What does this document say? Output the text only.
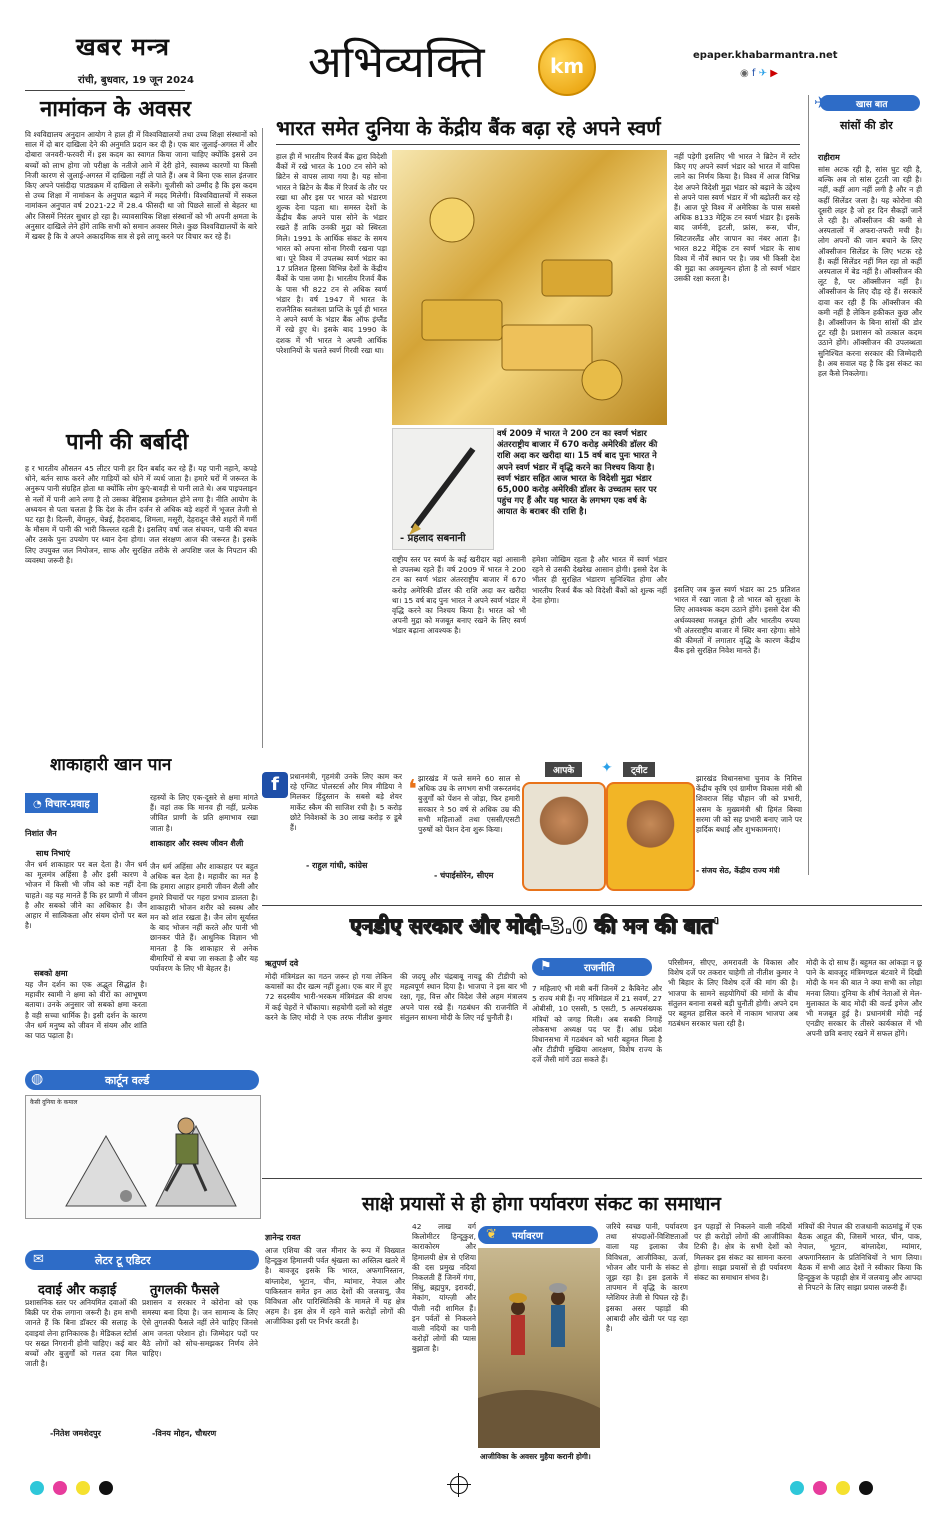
खबर मन्त्र
रांची, बुधवार, 19 जून 2024	अभिव्यक्ति	km	epaper.khabarmantra.net
◉ f ✈ ▶
नामांकन के अवसर
वि श्वविद्यालय अनुदान आयोग ने हाल ही में विश्वविद्यालयों तथा उच्च शिक्षा संस्थानों को साल में दो बार दाखिला देने की अनुमति प्रदान कर दी है। एक बार जुलाई-अगस्त में और दोबारा जनवरी-फरवरी में। इस कदम का स्वागत किया जाना चाहिए क्योंकि इससे उन बच्चों को लाभ होगा जो परीक्षा के नतीजे आने में देरी होने, स्वास्थ्य कारणों या किसी निजी कारण से जुलाई-अगस्त में दाखिला नहीं ले पाते हैं। अब वे बिना एक साल इंतजार किए अपने पसंदीदा पाठ्यक्रम में दाखिला ले सकेंगे। यूजीसी को उम्मीद है कि इस कदम से उच्च शिक्षा में नामांकन के अनुपात बढ़ाने में मदद मिलेगी। विश्वविद्यालयों में सकल नामांकन अनुपात वर्ष 2021-22 में 28.4 फीसदी था जो पिछले सालों से बेहतर था और जिसमें निरंतर सुधार हो रहा है। व्यावसायिक शिक्षा संस्थानों को भी अपनी क्षमता के अनुसार दाखिले लेने होंगे ताकि सभी को समान अवसर मिले। कुछ विश्वविद्यालयों के बारे में खबर है कि वे अपने अकादमिक सत्र से इसे लागू करने पर विचार कर रहे हैं।
पानी की बर्बादी
ह र भारतीय औसतन 45 लीटर पानी हर दिन बर्बाद कर रहे हैं। यह पानी नहाने, कपड़े धोने, बर्तन साफ करने और गाड़ियों को धोने में व्यर्थ जाता है। हमारे घरों में जरूरत के अनुरूप पानी संग्रहित होता था क्योंकि लोग कुएं-बावड़ी से पानी लाते थे। अब पाइपलाइन से नलों में पानी आने लगा है तो उसका बेहिसाब इस्तेमाल होने लगा है। नीति आयोग के अध्ययन से पता चलता है कि देश के तीन दर्जन से अधिक बड़े शहरों में भूजल तेजी से घट रहा है। दिल्ली, बेंगलुरु, चेन्नई, हैदराबाद, शिमला, मसूरी, देहरादून जैसे शहरों में गर्मी के मौसम में पानी की भारी किल्लत रहती है। इसलिए वर्षा जल संचयन, पानी की बचत और उसके पुनः उपयोग पर ध्यान देना होगा। जल संरक्षण आज की जरूरत है। इसके लिए उपयुक्त जल नियोजन, साफ और सुरक्षित तरीके से अपशिष्ट जल के निपटान की व्यवस्था जरूरी है।
शाकाहारी खान पान
◔ विचार-प्रवाह
निशांत जैन
साथ निभाएं
जैन धर्म शाकाहार पर बल देता है। जैन धर्म का मूलमंत्र अहिंसा है और इसी कारण वे भोजन में किसी भी जीव को कष्ट नहीं देना चाहते। वह यह मानते हैं कि हर प्राणी में जीवन है और सबको जीने का अधिकार है। जैन आहार में सात्विकता और संयम दोनों पर बल है।
सबको क्षमा
यह जैन दर्शन का एक अद्भुत सिद्धांत है। महावीर स्वामी ने क्षमा को वीरों का आभूषण बताया। उनके अनुसार जो सबको क्षमा करता है वही सच्चा धार्मिक है। इसी दर्शन के कारण जैन धर्म मनुष्य को जीवन में संयम और शांति का पाठ पढ़ाता है।
रहस्यों के लिए एक-दूसरे से क्षमा मांगते हैं। वहां तक कि मानव ही नहीं, प्रत्येक जीवित प्राणी के प्रति क्षमाभाव रखा जाता है।
शाकाहार और स्वस्थ जीवन शैली
जैन धर्म अहिंसा और शाकाहार पर बहुत अधिक बल देता है। महावीर का मत है कि हमारा आहार हमारी जीवन शैली और हमारे विचारों पर गहरा प्रभाव डालता है। शाकाहारी भोजन शरीर को स्वस्थ और मन को शांत रखता है। जैन लोग सूर्यास्त के बाद भोजन नहीं करते और पानी भी छानकर पीते हैं। आधुनिक विज्ञान भी मानता है कि शाकाहार से अनेक बीमारियों से बचा जा सकता है और यह पर्यावरण के लिए भी बेहतर है।
◍	कार्टून वर्ल्ड
कैसी दुनिया के कमाल
✉	लेटर टू एडिटर
दवाई और कड़ाई
प्रशासनिक स्तर पर अनियमित दवाओं की बिक्री पर रोक लगाना जरूरी है। हम सभी जानते हैं कि बिना डॉक्टर की सलाह के दवाइयां लेना हानिकारक है। मेडिकल स्टोर्स पर सख्त निगरानी होनी चाहिए। कई बार बच्चों और बुजुर्गों को गलत दवा मिल जाती है।
-नितेश जमशेदपुर
तुगलकी फैसले
प्रशासन व सरकार ने कोरोना को एक समस्या बना दिया है। जन सामान्य के लिए ऐसे तुगलकी फैसले नहीं लेने चाहिए जिनसे आम जनता परेशान हो। जिम्मेदार पदों पर बैठे लोगों को सोच-समझकर निर्णय लेने चाहिए।
-विनय मोहन, चौधरण
भारत समेत दुनिया के केंद्रीय बैंक बढ़ा रहे अपने स्वर्ण
हाल ही में भारतीय रिजर्व बैंक द्वारा विदेशी बैंकों में रखे भारत के 100 टन सोने को ब्रिटेन से वापस लाया गया है। यह सोना भारत ने ब्रिटेन के बैंक में रिजर्व के तौर पर रखा था और इस पर भारत को भंडारण शुल्क देना पड़ता था। समस्त देशों के केंद्रीय बैंक अपने पास सोने के भंडार रखते हैं ताकि उनकी मुद्रा को स्थिरता मिले। 1991 के आर्थिक संकट के समय भारत को अपना सोना गिरवी रखना पड़ा था। पूरे विश्व में उपलब्ध स्वर्ण भंडार का 17 प्रतिशत हिस्सा विभिन्न देशों के केंद्रीय बैंकों के पास जमा है। भारतीय रिजर्व बैंक के पास भी 822 टन से अधिक स्वर्ण भंडार है। वर्ष 1947 में भारत के राजनैतिक स्वतंत्रता प्राप्ति के पूर्व ही भारत ने अपने स्वर्ण के भंडार बैंक ऑफ इंग्लैंड में रखे हुए थे। इसके बाद 1990 के दशक में भी भारत ने अपनी आर्थिक परेशानियों के चलते स्वर्ण गिरवी रखा था।
- प्रहलाद सबनानी
वर्ष 2009 में भारत ने 200 टन का स्वर्ण भंडार अंतरराष्ट्रीय बाजार में 670 करोड़ अमेरिकी डॉलर की राशि अदा कर खरीदा था। 15 वर्ष बाद पुनः भारत ने अपने स्वर्ण भंडार में वृद्धि करने का निश्चय किया है। स्वर्ण भंडार सहित आज भारत के विदेशी मुद्रा भंडार 65,000 करोड़ अमेरिकी डॉलर के उच्चतम स्तर पर पहुंच गए हैं और यह भारत के लगभग एक वर्ष के आयात के बराबर की राशि है।
राष्ट्रीय स्तर पर स्वर्ण के कई खरीदार यहां आसानी से उपलब्ध रहते हैं। वर्ष 2009 में भारत ने 200 टन का स्वर्ण भंडार अंतरराष्ट्रीय बाजार में 670 करोड़ अमेरिकी डॉलर की राशि अदा कर खरीदा था। 15 वर्ष बाद पुनः भारत ने अपने स्वर्ण भंडार में वृद्धि करने का निश्चय किया है। भारत को भी अपनी मुद्रा को मजबूत बनाए रखने के लिए स्वर्ण भंडार बढ़ाना आवश्यक है।
हमेशा जोखिम रहता है और भारत में स्वर्ण भंडार रहने से उसकी देखरेख आसान होगी। इससे देश के भीतर ही सुरक्षित भंडारण सुनिश्चित होगा और भारतीय रिजर्व बैंक को विदेशी बैंकों को शुल्क नहीं देना होगा।
नहीं पड़ेगी इसलिए भी भारत ने ब्रिटेन में स्टोर किए गए अपने स्वर्ण भंडार को भारत में वापिस लाने का निर्णय किया है। विश्व में आज विभिन्न देश अपने विदेशी मुद्रा भंडार को बढ़ाने के उद्देश्य से अपने पास स्वर्ण भंडार में भी बढ़ोतरी कर रहे हैं। आज पूरे विश्व में अमेरिका के पास सबसे अधिक 8133 मेट्रिक टन स्वर्ण भंडार है। इसके बाद जर्मनी, इटली, फ्रांस, रूस, चीन, स्विटजरलैंड और जापान का नंबर आता है। भारत 822 मेट्रिक टन स्वर्ण भंडार के साथ विश्व में नौवें स्थान पर है। जब भी किसी देश की मुद्रा का अवमूल्यन होता है तो स्वर्ण भंडार उसकी रक्षा करता है।
इसलिए जब कुल स्वर्ण भंडार का 25 प्रतिशत भारत में रखा जाता है तो भारत को सुरक्षा के लिए आवश्यक कदम उठाने होंगे। इससे देश की अर्थव्यवस्था मजबूत होगी और भारतीय रुपया भी अंतरराष्ट्रीय बाजार में स्थिर बना रहेगा। सोने की कीमतों में लगातार वृद्धि के कारण केंद्रीय बैंक इसे सुरक्षित निवेश मानते हैं।
✈	खास बात
सांसों की डोर
राहीराम
सांस अटक रही है, सांस घुट रही है, बल्कि अब तो सांस टूटती जा रही है। नहीं, कहीं आग नहीं लगी है और न ही कहीं सिलेंडर जला है। यह कोरोना की दूसरी लहर है जो हर दिन सैकड़ों जानें ले रही है। ऑक्सीजन की कमी से अस्पतालों में अफरा-तफरी मची है। लोग अपनों की जान बचाने के लिए ऑक्सीजन सिलेंडर के लिए भटक रहे हैं। कहीं सिलेंडर नहीं मिल रहा तो कहीं अस्पताल में बेड नहीं है। ऑक्सीजन की लूट है, पर ऑक्सीजन नहीं है। ऑक्सीजन के लिए दौड़ रहे हैं। सरकारें दावा कर रही हैं कि ऑक्सीजन की कमी नहीं है लेकिन हकीकत कुछ और है। ऑक्सीजन के बिना सांसों की डोर टूट रही है। प्रशासन को तत्काल कदम उठाने होंगे। ऑक्सीजन की उपलब्धता सुनिश्चित करना सरकार की जिम्मेदारी है। अब सवाल यह है कि इस संकट का हल कैसे निकलेगा।
आपके	✦	ट्वीट
f	प्रधानमंत्री, गृहमंत्री उनके लिए काम कर रहे एग्जिट पोलस्टर्स और मित्र मीडिया ने मिलकर हिंदुस्तान के सबसे बड़े शेयर मार्केट स्कैम की साजिश रची है। 5 करोड़ छोटे निवेशकों के 30 लाख करोड़ रु डूबे हैं।
- राहुल गांधी, कांग्रेस
❛ झारखंड में फले समने 60 साल से अधिक उम्र के लगभग सभी जरूरतमंद बुजुर्गों को पेंशन से जोड़ा, फिर हमारी सरकार ने 50 वर्ष से अधिक उम्र की सभी महिलाओं तथा एससी/एसटी पुरुषों को पेंशन देना शुरू किया।
- चंपाईसोरेन, सीएम
झारखंड विधानसभा चुनाव के निमित्त केंद्रीय कृषि एवं ग्रामीण विकास मंत्री श्री शिवराज सिंह चौहान जी को प्रभारी, असम के मुख्यमंत्री श्री हिमंत बिस्वा सरमा जी को सह प्रभारी बनाए जाने पर हार्दिक बधाई और शुभकामनाएं।
- संजय सेठ, केंद्रीय राज्य मंत्री
एनडीए सरकार और मोदी-3.0 की मन की बात'
ऋतुपर्ण दवे
मोदी मंत्रिमंडल का गठन जरूर हो गया लेकिन कयासों का दौर खत्म नहीं हुआ। एक बार में हुए 72 सदस्यीय भारी-भरकम मंत्रिमंडल की शपथ में कई चेहरों ने चौंकाया। सहयोगी दलों को संतुष्ट करने के लिए मोदी ने एक तरफ नीतीश कुमार की जदयू और चंद्रबाबू नायडू की टीडीपी को महत्वपूर्ण स्थान दिया है। भाजपा ने इस बार भी रक्षा, गृह, वित्त और विदेश जैसे अहम मंत्रालय अपने पास रखे हैं। गठबंधन की राजनीति में संतुलन साधना मोदी के लिए नई चुनौती है।
⚑	राजनीति
7 महिलाएं भी मंत्री बनीं जिनमें 2 कैबिनेट और 5 राज्य मंत्री हैं। नए मंत्रिमंडल में 21 सवर्ण, 27 ओबीसी, 10 एससी, 5 एसटी, 5 अल्पसंख्यक मंत्रियों को जगह मिली। अब सबकी निगाहें लोकसभा अध्यक्ष पद पर हैं। आंध्र प्रदेश विधानसभा में गठबंधन को भारी बहुमत मिला है और टीडीपी मुखिया आरक्षण, विशेष राज्य के दर्जे जैसी मांगें उठा सकते हैं।
परिसीमन, सीएए, अमरावती के विकास और विशेष दर्जे पर तकरार चाहेगी तो नीतीश कुमार ने भी बिहार के लिए विशेष दर्जे की मांग की है। भाजपा के सामने सहयोगियों की मांगों के बीच संतुलन बनाना सबसे बड़ी चुनौती होगी। अपने दम पर बहुमत हासिल करने में नाकाम भाजपा अब गठबंधन सरकार चला रही है।
मोदी के दो साथ हैं। बहुमत का आंकड़ा न छू पाने के बावजूद मंत्रिमण्डल बंटवारे में दिखी मोदी के मन की बात ने क्या सभी का लोहा मनवा लिया। दुनिया के शीर्ष नेताओं से मेल-मुलाकात के बाद मोदी की वर्ल्ड इमेज और भी मजबूत हुई है। प्रधानमंत्री मोदी नई एनडीए सरकार के तीसरे कार्यकाल में भी अपनी छवि बनाए रखने में सफल होंगे।
साक्षे प्रयासों से ही होगा पर्यावरण संकट का समाधान
ज्ञानेन्द्र रावत
आज एशिया की जल मीनार के रूप में विख्यात हिन्दूकुश हिमालयी पर्वत श्रृंखला का अस्तित्व खतरे में है। बावजूद इसके कि भारत, अफगानिस्तान, बांग्लादेश, भूटान, चीन, म्यांमार, नेपाल और पाकिस्तान समेत इन आठ देशों की जलवायु, जैव विविधता और पारिस्थितिकी के मामले में यह क्षेत्र अहम है। इस क्षेत्र में रहने वाले करोड़ों लोगों की आजीविका इसी पर निर्भर करती है।
42 लाख वर्ग किलोमीटर हिन्दूकुश, काराकोरम और हिमालयी क्षेत्र से एशिया की दस प्रमुख नदियां निकलती हैं जिनमें गंगा, सिंधु, ब्रह्मपुत्र, इरावदी, मेकांग, यांग्त्ज़ी और पीली नदी शामिल हैं। इन पर्वतों से निकलने वाली नदियों का पानी करोड़ों लोगों की प्यास बुझाता है।
❦ पर्यावरण
आजीविका के अवसर मुहैया करानी होगी।
जरिये स्वच्छ पानी, पर्यावरण तथा संपदाओं-विशिष्टताओं वाला यह इलाका जैव विविधता, आजीविका, ऊर्जा, भोजन और पानी के संकट से जूझ रहा है। इस इलाके में तापमान में वृद्धि के कारण ग्लेशियर तेजी से पिघल रहे हैं। इसका असर पहाड़ों की आबादी और खेती पर पड़ रहा है।
इन पहाड़ों से निकलने वाली नदियों पर ही करोड़ों लोगों की आजीविका टिकी है। क्षेत्र के सभी देशों को मिलकर इस संकट का सामना करना होगा। साझा प्रयासों से ही पर्यावरण संकट का समाधान संभव है।
मंत्रियों की नेपाल की राजधानी काठमांडू में एक बैठक आहूत की, जिसमें भारत, चीन, पाक, नेपाल, भूटान, बांग्लादेश, म्यांमार, अफगानिस्तान के प्रतिनिधियों ने भाग लिया। बैठक में सभी आठ देशों ने स्वीकार किया कि हिन्दूकुश के पहाड़ी क्षेत्र में जलवायु और आपदा से निपटने के लिए साझा प्रयास जरूरी हैं।
